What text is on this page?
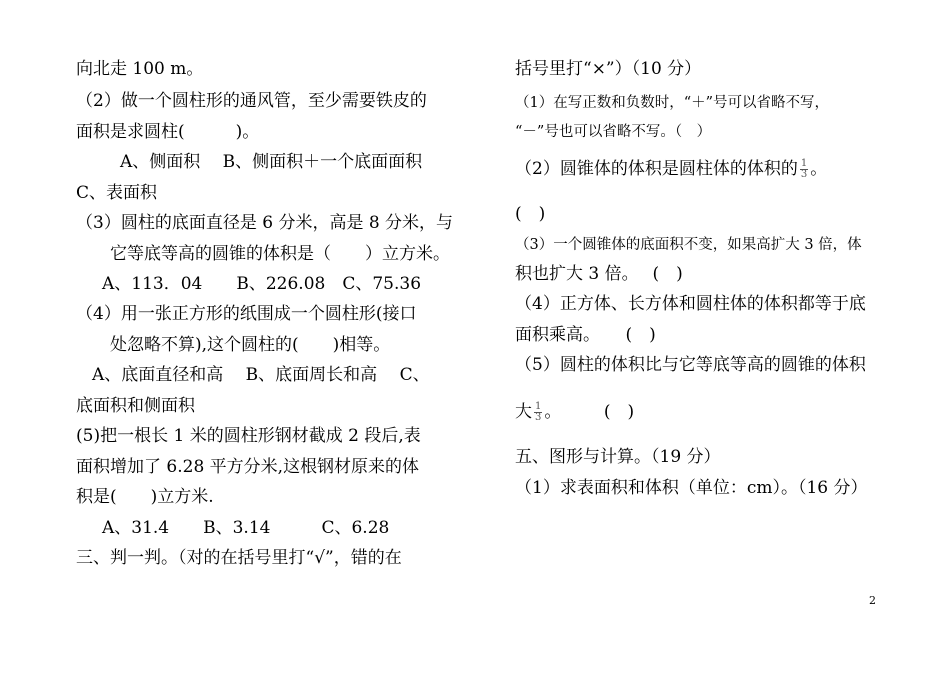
向北走 100 m。
（2）做一个圆柱形的通风管，至少需要铁皮的
面积是求圆柱(　　　)。
A、侧面积　 B、侧面积＋一个底面面积
C、表面积
（3）圆柱的底面直径是 6 分米，高是 8 分米，与
它等底等高的圆锥的体积是（　　）立方米。
A、113．04　　B、226.08　C、75.36
（4）用一张正方形的纸围成一个圆柱形(接口
处忽略不算),这个圆柱的(　　)相等。
A、底面直径和高　 B、底面周长和高　 C、
底面积和侧面积
(5)把一根长 1 米的圆柱形钢材截成 2 段后,表
面积增加了 6.28 平方分米,这根钢材原来的体
积是(　　)立方米.
A、31.4　　B、3.14　　　C、6.28
三、判一判。（对的在括号里打“√”，错的在
括号里打“×”）（10 分）
（1）在写正数和负数时，“＋”号可以省略不写，
“－”号也可以省略不写。（　）
（2）圆锥体的体积是圆柱体的体积的 $\frac{1}{3}$ 。
(　)
（3）一个圆锥体的底面积不变，如果高扩大 3 倍，体
积也扩大 3 倍。　 (　)
（4）正方体、长方体和圆柱体的体积都等于底
面积乘高。　　(　)
（5）圆柱的体积比与它等底等高的圆锥的体积
大 $\frac{1}{3}$ 。　　　(　)
五、图形与计算。（19 分）
（1）求表面积和体积（单位：cm）。（16 分）
2
